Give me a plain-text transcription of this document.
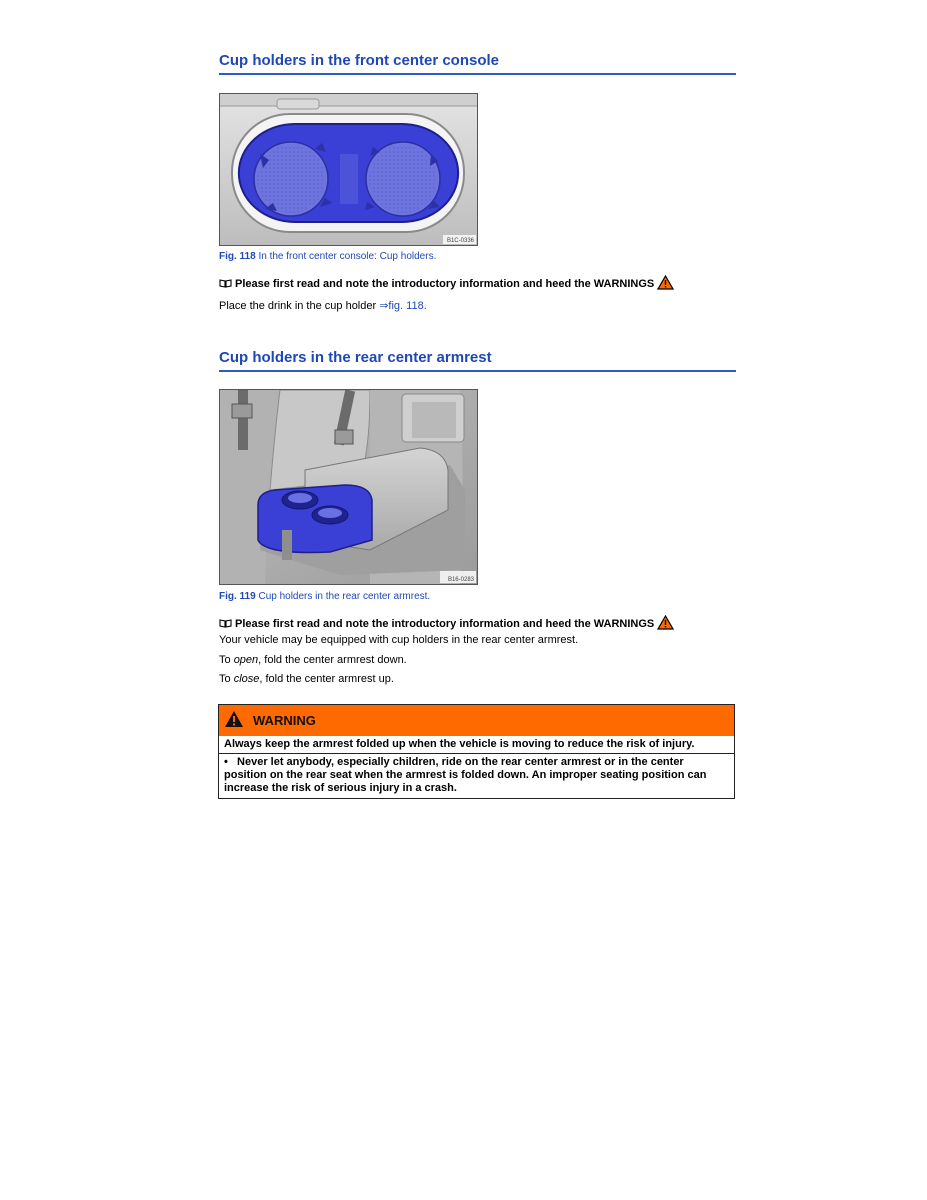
Cup holders in the front center console
B1C-0336
Fig. 118 In the front center console: Cup holders.
Please first read and note the introductory information and heed the WARNINGS
Place the drink in the cup holder ⇒fig. 118.
Cup holders in the rear center armrest
B16-0283
Fig. 119 Cup holders in the rear center armrest.
Please first read and note the introductory information and heed the WARNINGS
Your vehicle may be equipped with cup holders in the rear center armrest.
To open, fold the center armrest down.
To close, fold the center armrest up.
WARNING

Always keep the armrest folded up when the vehicle is moving to reduce the risk of injury.

•   Never let anybody, especially children, ride on the rear center armrest or in the center position on the rear seat when the armrest is folded down. An improper seating position can increase the risk of serious injury in a crash.
